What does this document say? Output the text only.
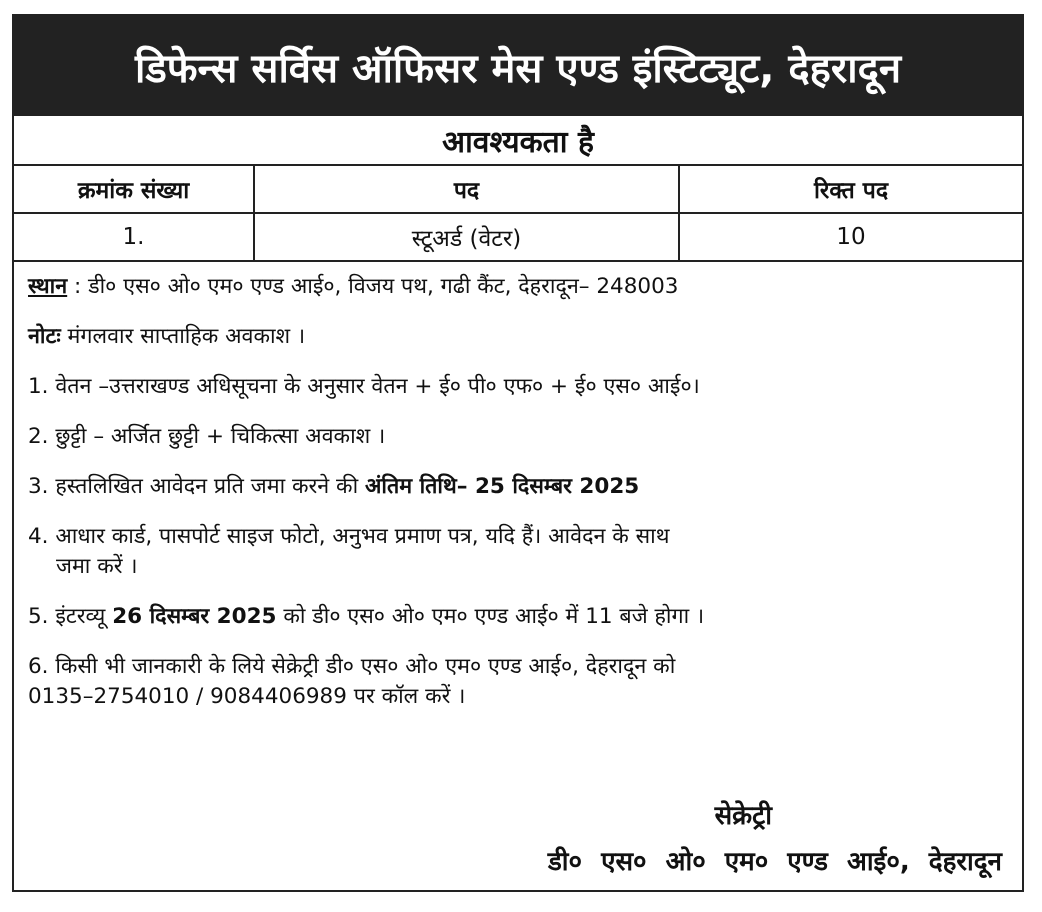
डिफेन्स सर्विस ऑफिसर मेस एण्ड इंस्टिट्यूट, देहरादून
आवश्यकता है
क्रमांक संख्या	पद	रिक्त पद
1.	स्टूअर्ड (वेटर)	10
स्थान : डी० एस० ओ० एम० एण्ड आई०, विजय पथ, गढी कैंट, देहरादून– 248003
नोटः मंगलवार साप्ताहिक अवकाश ।
1. वेतन –उत्तराखण्ड अधिसूचना के अनुसार वेतन + ई० पी० एफ० + ई० एस० आई०।
2. छुट्टी – अर्जित छुट्टी + चिकित्सा अवकाश ।
3. हस्तलिखित आवेदन प्रति जमा करने की अंतिम तिथि– 25 दिसम्बर 2025
4. आधार कार्ड, पासपोर्ट साइज फोटो, अनुभव प्रमाण पत्र, यदि हैं। आवेदन के साथ
जमा करें ।
5. इंटरव्यू 26 दिसम्बर 2025 को डी० एस० ओ० एम० एण्ड आई० में 11 बजे होगा ।
6. किसी भी जानकारी के लिये सेक्रेट्री डी० एस० ओ० एम० एण्ड आई०, देहरादून को
0135–2754010 / 9084406989 पर कॉल करें ।
सेक्रेट्री
डी० एस० ओ० एम० एण्ड आई०, देहरादून
